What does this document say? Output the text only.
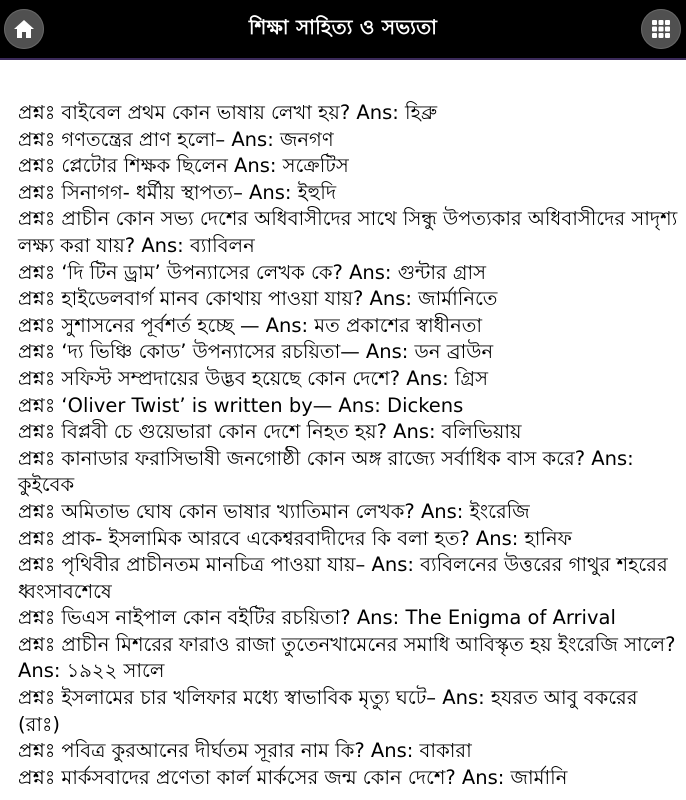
শিক্ষা সাহিত্য ও সভ্যতা

প্রশ্নঃ বাইবেল প্রথম কোন ভাষায় লেখা হয়? Ans: হিব্রু

প্রশ্নঃ গণতন্ত্রের প্রাণ হলো– Ans: জনগণ

প্রশ্নঃ প্লেটোর শিক্ষক ছিলেন Ans: সক্রেটিস

প্রশ্নঃ সিনাগগ- ধর্মীয় স্থাপত্য– Ans: ইহুদি

প্রশ্নঃ প্রাচীন কোন সভ্য দেশের অধিবাসীদের সাথে সিন্ধু উপত্যকার অধিবাসীদের সাদৃশ্য লক্ষ্য করা যায়? Ans: ব্যাবিলন

প্রশ্নঃ ‘দি টিন ড্রাম’ উপন্যাসের লেখক কে? Ans: গুন্টার গ্রাস

প্রশ্নঃ হাইডেলবার্গ মানব কোথায় পাওয়া যায়? Ans: জার্মানিতে

প্রশ্নঃ সুশাসনের পূর্বশর্ত হচ্ছে — Ans: মত প্রকাশের স্বাধীনতা

প্রশ্নঃ ‘দ্য ভিঞ্চি কোড’ উপন্যাসের রচয়িতা— Ans: ডন ব্রাউন

প্রশ্নঃ সফিস্ট সম্প্রদায়ের উদ্ভব হয়েছে কোন দেশে? Ans: গ্রিস

প্রশ্নঃ ‘Oliver Twist’ is written by— Ans: Dickens

প্রশ্নঃ বিপ্লবী চে গুয়েভারা কোন দেশে নিহত হয়? Ans: বলিভিয়ায়

প্রশ্নঃ কানাডার ফরাসিভাষী জনগোষ্ঠী কোন অঙ্গ রাজ্যে সর্বাধিক বাস করে? Ans: কুইবেক

প্রশ্নঃ অমিতাভ ঘোষ কোন ভাষার খ্যাতিমান লেখক? Ans: ইংরেজি

প্রশ্নঃ প্রাক- ইসলামিক আরবে একেশ্বরবাদীদের কি বলা হত? Ans: হানিফ

প্রশ্নঃ পৃথিবীর প্রাচীনতম মানচিত্র পাওয়া যায়– Ans: ব্যবিলনের উত্তরের গাথুর শহরের ধ্বংসাবশেষে

প্রশ্নঃ ভিএস নাইপাল কোন বইটির রচয়িতা? Ans: The Enigma of Arrival

প্রশ্নঃ প্রাচীন মিশরের ফারাও রাজা তুতেনখামেনের সমাধি আবিস্কৃত হয় ইংরেজি সালে? Ans: ১৯২২ সালে

প্রশ্নঃ ইসলামের চার খলিফার মধ্যে স্বাভাবিক মৃত্যু ঘটে– Ans: হযরত আবু বকরের (রাঃ)

প্রশ্নঃ পবিত্র কুরআনের দীর্ঘতম সূরার নাম কি? Ans: বাকারা

প্রশ্নঃ মার্কসবাদের প্রণেতা কার্ল মার্কসের জন্ম কোন দেশে? Ans: জার্মানি
